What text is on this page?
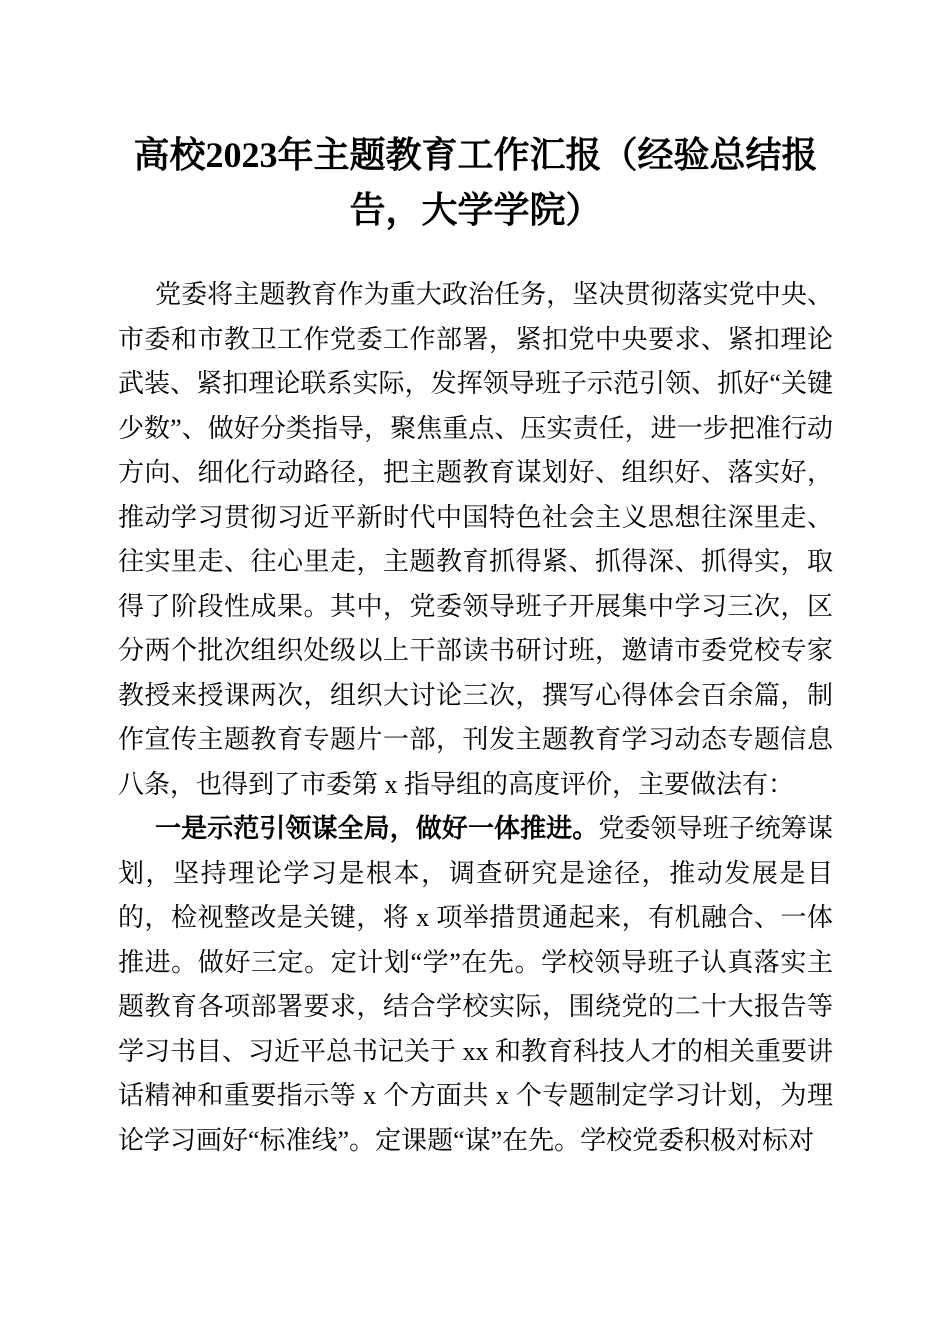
高校2023年主题教育工作汇报（经验总结报告，大学学院）

党委将主题教育作为重大政治任务，坚决贯彻落实党中央、市委和市教卫工作党委工作部署，紧扣党中央要求、紧扣理论武装、紧扣理论联系实际，发挥领导班子示范引领、抓好“关键少数”、做好分类指导，聚焦重点、压实责任，进一步把准行动方向、细化行动路径，把主题教育谋划好、组织好、落实好，推动学习贯彻习近平新时代中国特色社会主义思想往深里走、往实里走、往心里走，主题教育抓得紧、抓得深、抓得实，取得了阶段性成果。其中，党委领导班子开展集中学习三次，区分两个批次组织处级以上干部读书研讨班，邀请市委党校专家教授来授课两次，组织大讨论三次，撰写心得体会百余篇，制作宣传主题教育专题片一部，刊发主题教育学习动态专题信息八条，也得到了市委第 x 指导组的高度评价，主要做法有：

一是示范引领谋全局，做好一体推进。党委领导班子统筹谋划，坚持理论学习是根本，调查研究是途径，推动发展是目的，检视整改是关键，将 x 项举措贯通起来，有机融合、一体推进。做好三定。定计划“学”在先。学校领导班子认真落实主题教育各项部署要求，结合学校实际，围绕党的二十大报告等学习书目、习近平总书记关于 xx 和教育科技人才的相关重要讲话精神和重要指示等 x 个方面共 x 个专题制定学习计划，为理论学习画好“标准线”。定课题“谋”在先。学校党委积极对标对
